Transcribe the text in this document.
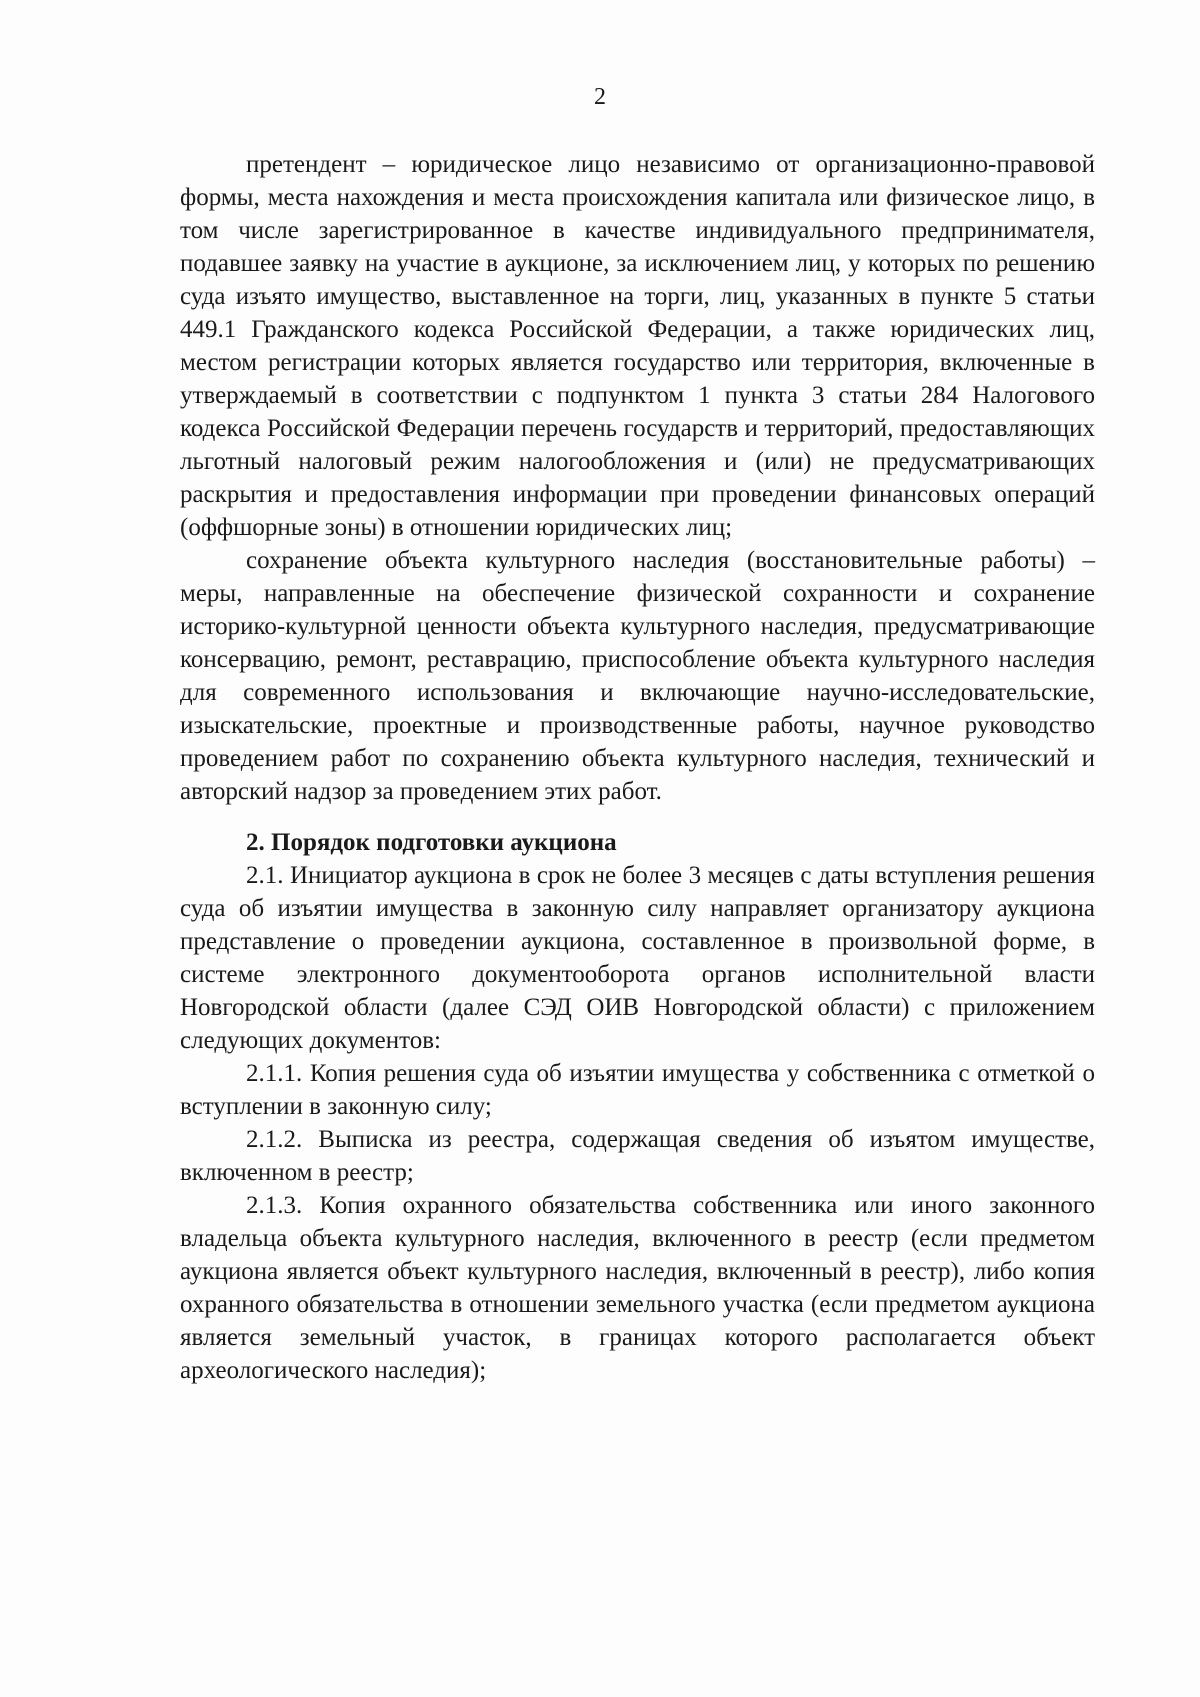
2

претендент – юридическое лицо независимо от организационно-правовой формы, места нахождения и места происхождения капитала или физическое лицо, в том числе зарегистрированное в качестве индивидуального предпринимателя, подавшее заявку на участие в аукционе, за исключением лиц, у которых по решению суда изъято имущество, выставленное на торги, лиц, указанных в пункте 5 статьи 449.1 Гражданского кодекса Российской Федерации, а также юридических лиц, местом регистрации которых является государство или территория, включенные в утверждаемый в соответствии с подпунктом 1 пункта 3 статьи 284 Налогового кодекса Российской Федерации перечень государств и территорий, предоставляющих льготный налоговый режим налогообложения и (или) не предусматривающих раскрытия и предоставления информации при проведении финансовых операций (оффшорные зоны) в отношении юридических лиц;

сохранение объекта культурного наследия (восстановительные работы) – меры, направленные на обеспечение физической сохранности и сохранение историко-культурной ценности объекта культурного наследия, предусматривающие консервацию, ремонт, реставрацию, приспособление объекта культурного наследия для современного использования и включающие научно-исследовательские, изыскательские, проектные и производственные работы, научное руководство проведением работ по сохранению объекта культурного наследия, технический и авторский надзор за проведением этих работ.

2. Порядок подготовки аукциона

2.1. Инициатор аукциона в срок не более 3 месяцев с даты вступления решения суда об изъятии имущества в законную силу направляет организатору аукциона представление о проведении аукциона, составленное в произвольной форме, в системе электронного документооборота органов исполнительной власти Новгородской области (далее СЭД ОИВ Новгородской области) с приложением следующих документов:

2.1.1. Копия решения суда об изъятии имущества у собственника с отметкой о вступлении в законную силу;

2.1.2. Выписка из реестра, содержащая сведения об изъятом имуществе, включенном в реестр;

2.1.3. Копия охранного обязательства собственника или иного законного владельца объекта культурного наследия, включенного в реестр (если предметом аукциона является объект культурного наследия, включенный в реестр), либо копия охранного обязательства в отношении земельного участка (если предметом аукциона является земельный участок, в границах которого располагается объект археологического наследия);
